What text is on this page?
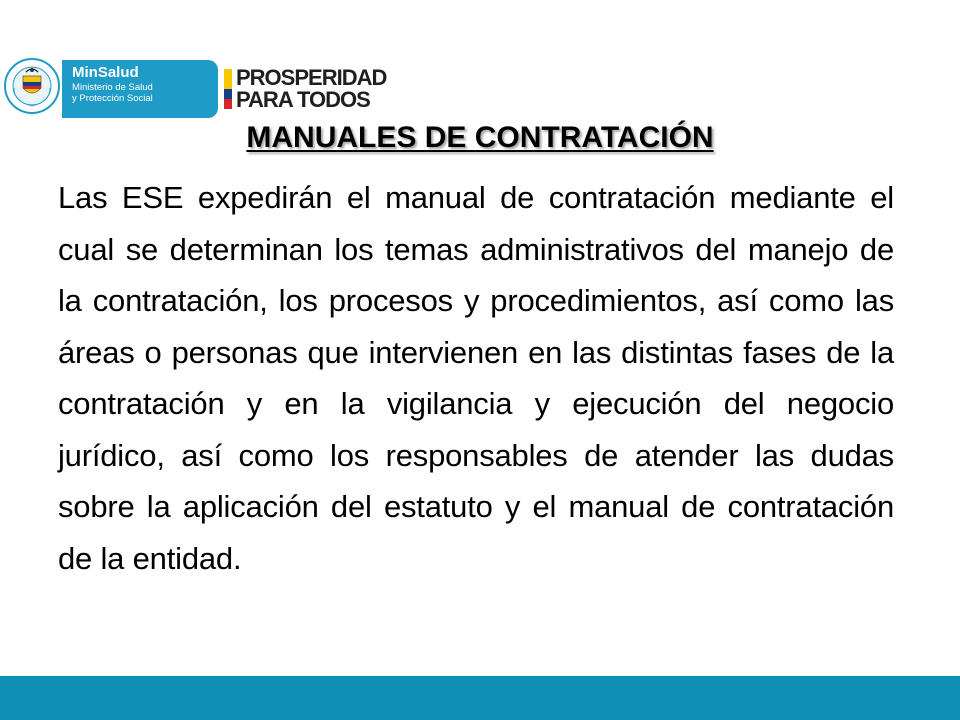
MinSalud
Ministerio de Salud
y Protección Social
PROSPERIDAD
PARA TODOS
MANUALES DE CONTRATACIÓN
Las ESE expedirán el manual de contratación mediante el cual se determinan los temas administrativos del manejo de la contratación, los procesos y procedimientos, así como las áreas o personas que intervienen en las distintas fases de la contratación y en la vigilancia y ejecución del negocio jurídico, así como los responsables de atender las dudas sobre la aplicación del estatuto y el manual de contratación de la entidad.
